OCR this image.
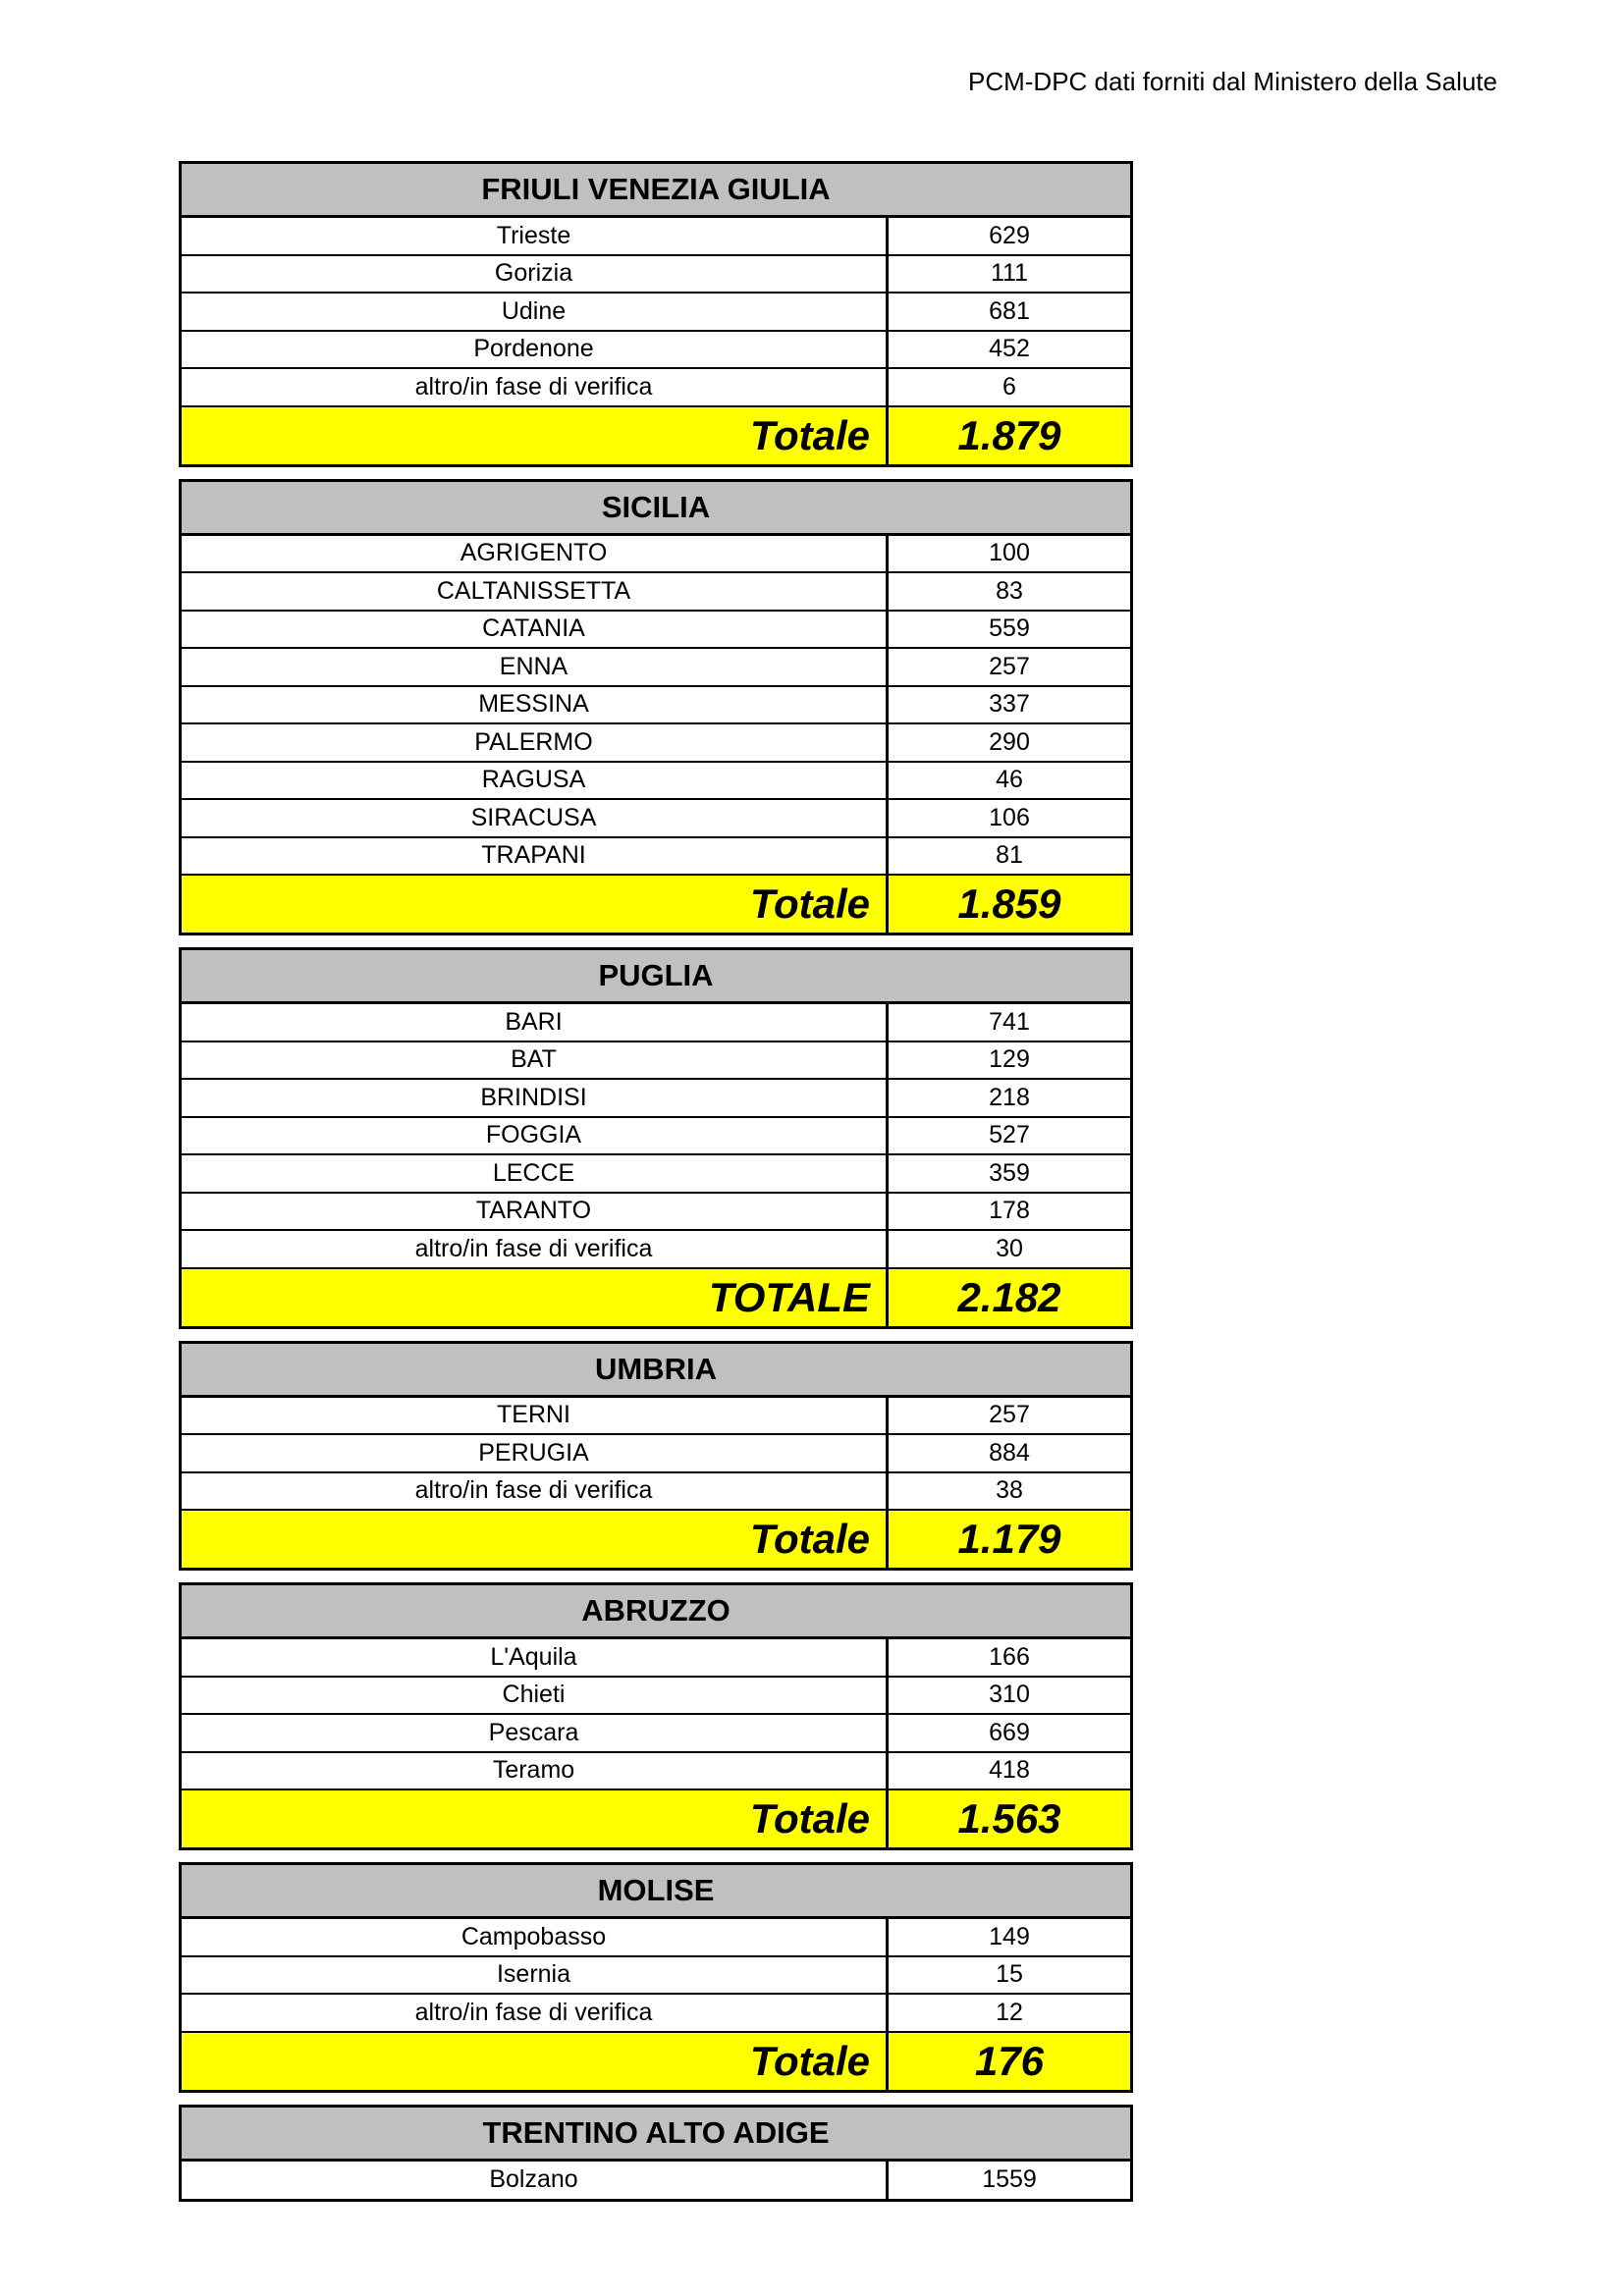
PCM-DPC dati forniti dal Ministero della Salute
FRIULI VENEZIA GIULIA
Trieste	629
Gorizia	111
Udine	681
Pordenone	452
altro/in fase di verifica	6
Totale	1.879
SICILIA
AGRIGENTO	100
CALTANISSETTA	83
CATANIA	559
ENNA	257
MESSINA	337
PALERMO	290
RAGUSA	46
SIRACUSA	106
TRAPANI	81
Totale	1.859
PUGLIA
BARI	741
BAT	129
BRINDISI	218
FOGGIA	527
LECCE	359
TARANTO	178
altro/in fase di verifica	30
TOTALE	2.182
UMBRIA
TERNI	257
PERUGIA	884
altro/in fase di verifica	38
Totale	1.179
ABRUZZO
L'Aquila	166
Chieti	310
Pescara	669
Teramo	418
Totale	1.563
MOLISE
Campobasso	149
Isernia	15
altro/in fase di verifica	12
Totale	176
TRENTINO ALTO ADIGE
Bolzano	1559
